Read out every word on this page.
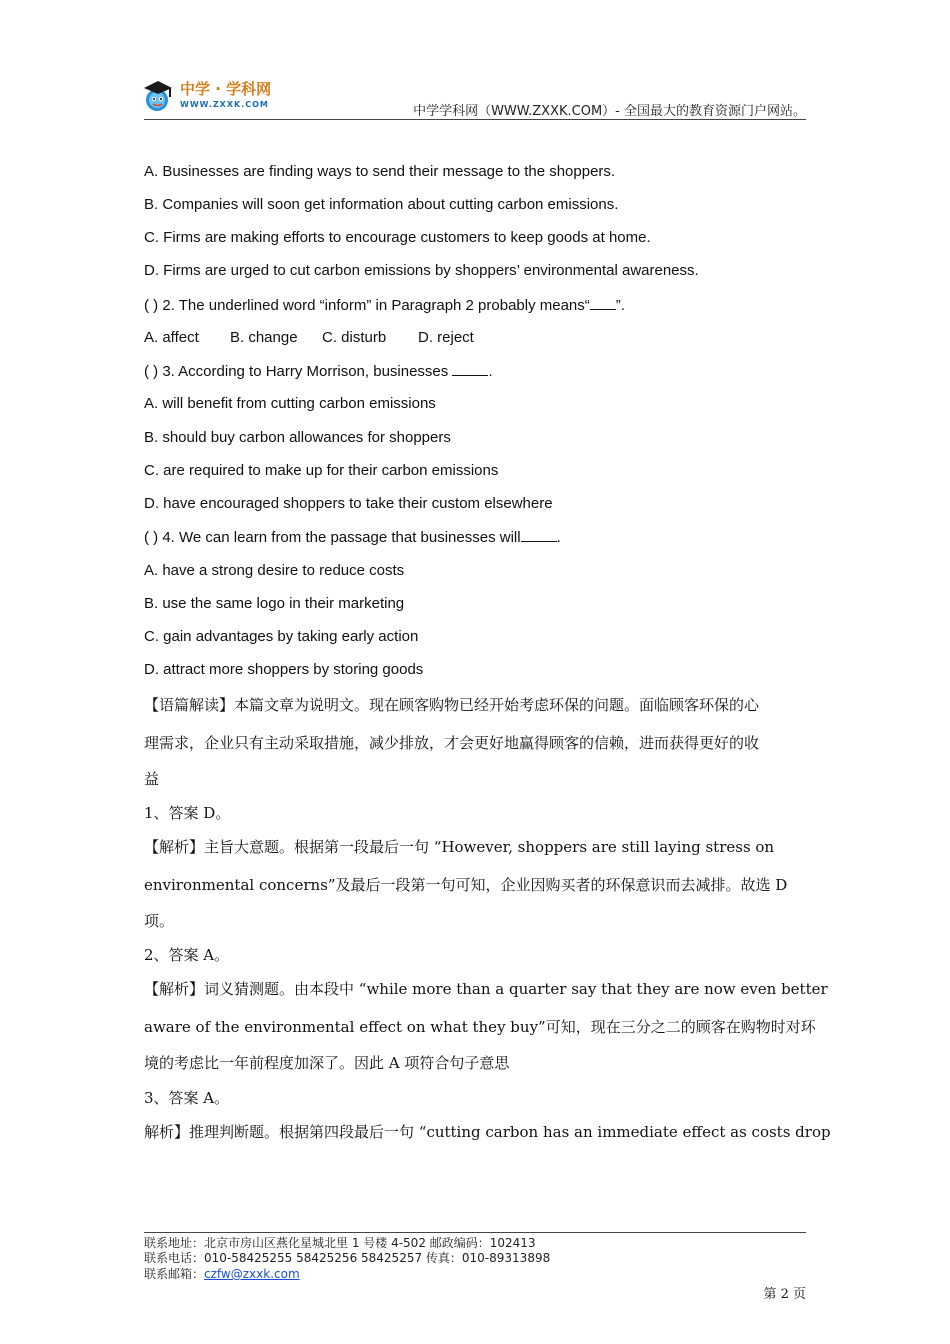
中学 · 学科网
WWW.ZXXK.COM	中学学科网（WWW.ZXXK.COM）- 全国最大的教育资源门户网站。
A. Businesses are finding ways to send their message to the shoppers.
B. Companies will soon get information about cutting carbon emissions.
C. Firms are making efforts to encourage customers to keep goods at home.
D. Firms are urged to cut carbon emissions by shoppers’ environmental awareness.
( ) 2. The underlined word “inform” in Paragraph 2 probably means“ ”.
A. affect B. change C. disturb D. reject
( ) 3. According to Harry Morrison, businesses .
A. will benefit from cutting carbon emissions
B. should buy carbon allowances for shoppers
C. are required to make up for their carbon emissions
D. have encouraged shoppers to take their custom elsewhere
( ) 4. We can learn from the passage that businesses will .
A. have a strong desire to reduce costs
B. use the same logo in their marketing
C. gain advantages by taking early action
D. attract more shoppers by storing goods
【语篇解读】本篇文章为说明文。现在顾客购物已经开始考虑环保的问题。面临顾客环保的心
理需求，企业只有主动采取措施，减少排放，才会更好地赢得顾客的信赖，进而获得更好的收
益
1、答案 D。
【解析】主旨大意题。根据第一段最后一句 “However, shoppers are still laying stress on
environmental concerns”及最后一段第一句可知，企业因购买者的环保意识而去减排。故选 D
项。
2、答案 A。
【解析】词义猜测题。由本段中 “while more than a quarter say that they are now even better
aware of the environmental effect on what they buy”可知，现在三分之二的顾客在购物时对环
境的考虑比一年前程度加深了。因此 A 项符合句子意思
3、答案 A。
解析】推理判断题。根据第四段最后一句 “cutting carbon has an immediate effect as costs drop
联系地址：北京市房山区燕化星城北里 1 号楼 4-502 邮政编码：102413
联系电话：010-58425255 58425256 58425257 传真：010-89313898
联系邮箱：czfw@zxxk.com
第 2 页
